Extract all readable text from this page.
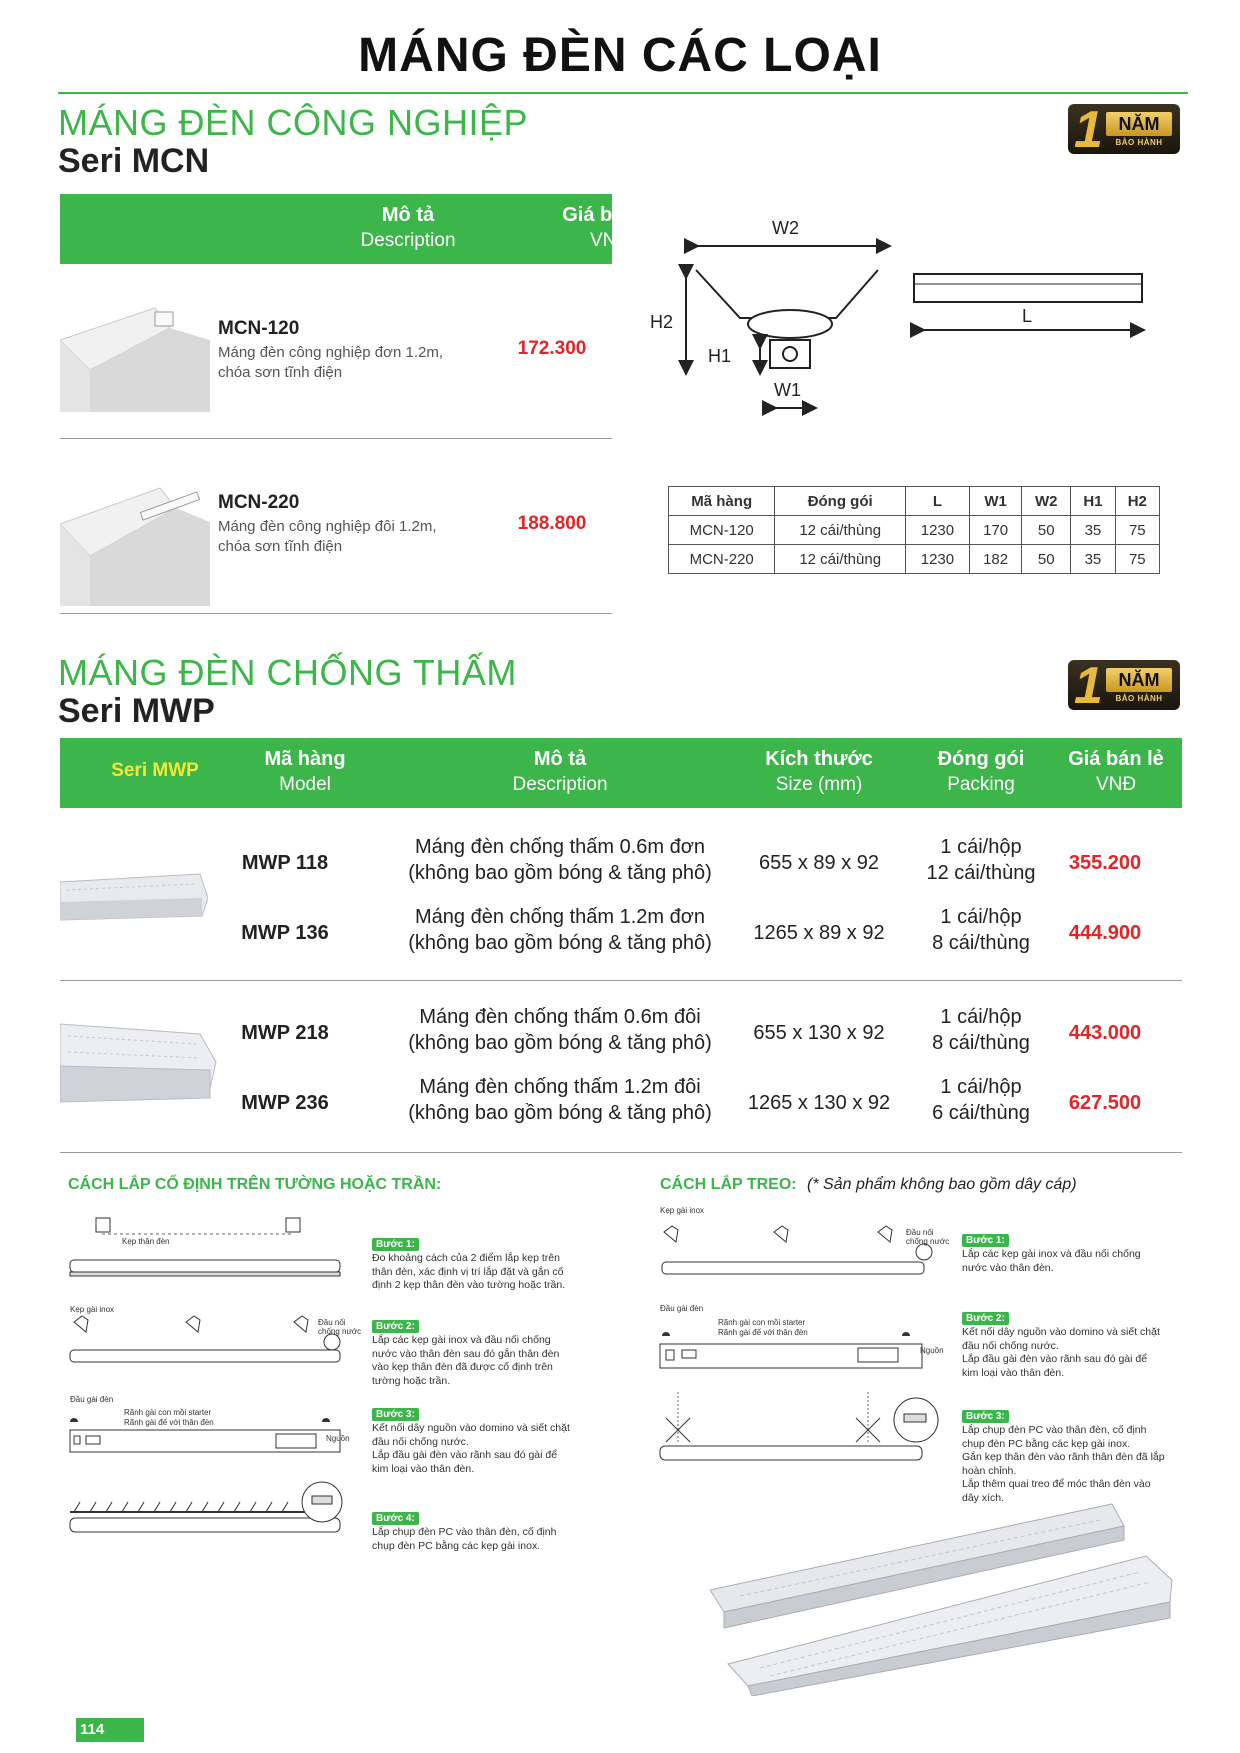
MÁNG ĐÈN CÁC LOẠI
MÁNG ĐÈN CÔNG NGHIỆP
Seri MCN
1 NĂM
BẢO HÀNH
Mô tả
Description
Giá bán lẻ
VNĐ
MCN-120
Máng đèn công nghiệp đơn 1.2m,
chóa sơn tĩnh điện
172.300
MCN-220
Máng đèn công nghiệp đôi 1.2m,
chóa sơn tĩnh điện
188.800
W2
H2
H1
W1
L
Mã hàng	Đóng gói	L	W1	W2	H1	H2
MCN-120	12 cái/thùng	1230	170	50	35	75
MCN-220	12 cái/thùng	1230	182	50	35	75
MÁNG ĐÈN CHỐNG THẤM
Seri MWP	1 NĂM
BẢO HÀNH
Seri MWP
Mã hàng
Model
Mô tả
Description
Kích thước
Size (mm)
Đóng gói
Packing
Giá bán lẻ
VNĐ
MWP 118
Máng đèn chống thấm 0.6m đơn
(không bao gồm bóng & tăng phô)	655 x 89 x 92
1 cái/hộp
12 cái/thùng	355.200
MWP 136
Máng đèn chống thấm 1.2m đơn
(không bao gồm bóng & tăng phô)	1265 x 89 x 92
1 cái/hộp
8 cái/thùng	444.900
MWP 218
Máng đèn chống thấm 0.6m đôi
(không bao gồm bóng & tăng phô)	655 x 130 x 92
1 cái/hộp
8 cái/thùng	443.000
MWP 236
Máng đèn chống thấm 1.2m đôi
(không bao gồm bóng & tăng phô)	1265 x 130 x 92
1 cái/hộp
6 cái/thùng	627.500
CÁCH LẮP CỐ ĐỊNH TRÊN TƯỜNG HOẶC TRẦN:
Kẹp thân đèn
Kẹp gài inox
Đầu nối chống nước
Đầu gài đèn
Rãnh gài con mồi starter
Rãnh gài đế với thân đèn
Nguồn
Bước 1:
Đo khoảng cách của 2 điểm lắp kẹp trên
thân đèn, xác định vị trí lắp đặt và gắn cố
định 2 kẹp thân đèn vào tường hoặc trần.
Bước 2:
Lắp các kẹp gài inox và đầu nối chống
nước vào thân đèn sau đó gắn thân đèn
vào kẹp thân đèn đã được cố định trên
tường hoặc trần.
Bước 3:
Kết nối dây nguồn vào domino và siết chặt
đầu nối chống nước.
Lắp đầu gài đèn vào rãnh sau đó gài để
kim loại vào thân đèn.
Bước 4:
Lắp chụp đèn PC vào thân đèn, cố định
chụp đèn PC bằng các kẹp gài inox.
CÁCH LẮP TREO: (* Sản phẩm không bao gồm dây cáp)
Kẹp gài inox
Đầu nối chống nước
Đầu gài đèn
Rãnh gài con mồi starter
Rãnh gài đế với thân đèn
Nguồn
Bước 1:
Lắp các kẹp gài inox và đầu nối chống
nước vào thân đèn.
Bước 2:
Kết nối dây nguồn vào domino và siết chặt
đầu nối chống nước.
Lắp đầu gài đèn vào rãnh sau đó gài để
kim loại vào thân đèn.
Bước 3:
Lắp chụp đèn PC vào thân đèn, cố định
chụp đèn PC bằng các kẹp gài inox.
Gắn kẹp thân đèn vào rãnh thân đèn đã lắp
hoàn chỉnh.
Lắp thêm quai treo để móc thân đèn vào
dây xích.
114
